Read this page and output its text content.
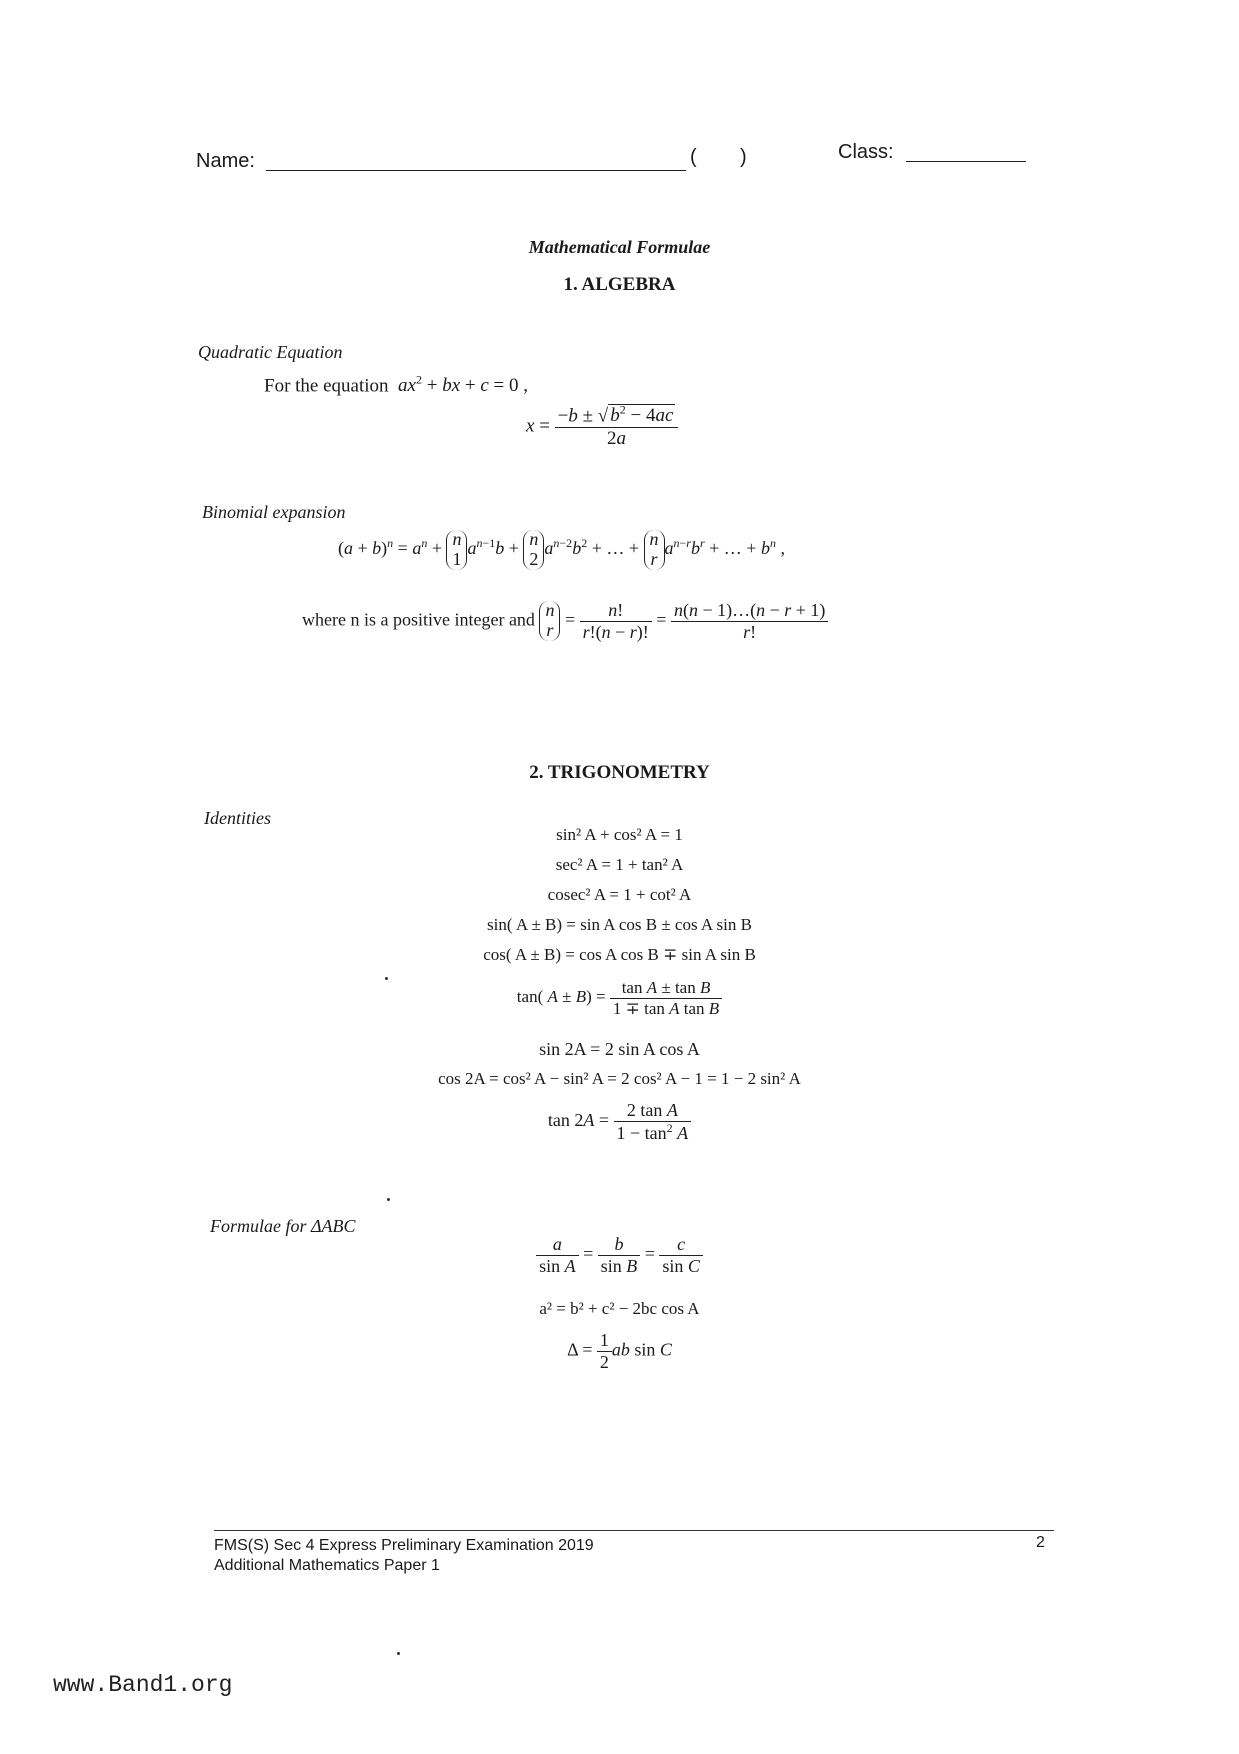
Name:	( )	Class:
Mathematical Formulae
1. ALGEBRA
Quadratic Equation
For the equation $ax^2$ + bx + c = 0 ,
$x = \frac{-b \pm √ b^2 - 4ac}{2a}$
Binomial expansion
$(a + b)^n = a^n + n$
1
$a^{n-1}b + n$
2
$a^{n-2}b^2$ + … + n
r
$a^{n-r}b^r$ + … + $b^n$ ,
where n is a positive integer and n
r
= $\frac{n!}{r!(n - r)!} = \frac{n(n - 1)\dots(n - r + 1)}{r!}$
2. TRIGONOMETRY
Identities
sin² A + cos² A = 1
sec² A = 1 + tan² A
cosec² A = 1 + cot² A
sin( A ± B) = sin A cos B ± cos A sin B
cos( A ± B) = cos A cos B ∓ sin A sin B
tan( $A \pm B) = \frac{\text{tan A ± tan B}}{\text{1 ∓ tan A tan B}}$
sin 2A = 2 sin A cos A
cos 2A = cos² A − sin² A = 2 cos² A − 1 = 1 − 2 sin² A
$\tan 2A = \frac{\text{2 tan A}}{1 - \tan^2 A}$
Formulae for ΔABC
$\frac{a}{\text{sin A}} = \frac{b}{\text{sin B}} = \frac{c}{\text{sin C}}$
a² = b² + c² − 2bc cos A
$\Delta = \frac{1}{2}$ ab sin C
FMS(S) Sec 4 Express Preliminary Examination 2019
Additional Mathematics Paper 1
2
www.Band1.org
